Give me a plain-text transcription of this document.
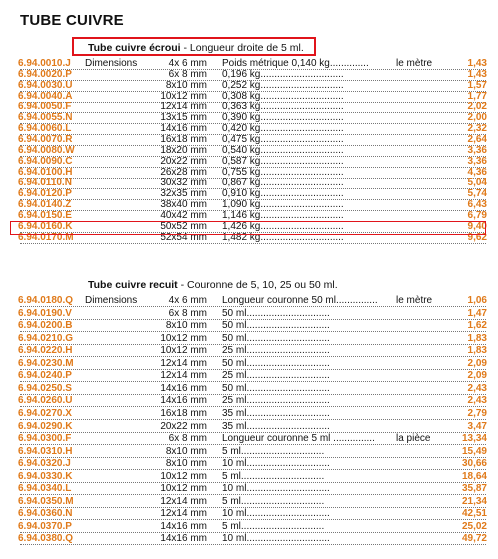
TUBE CUIVRE
Tube cuivre écroui - Longueur droite de 5 ml.
6.94.0010.J Dimensions	4x 6 mm Poids métrique 0,140 kg..............	le mètre	1,43
6.94.0020.P	6x 8 mm 0,196 kg..............................	1,43
6.94.0030.U	8x10 mm 0,252 kg..............................	1,57
6.94.0040.A	10x12 mm 0,308 kg..............................	1,77
6.94.0050.F	12x14 mm 0,363 kg..............................	2,02
6.94.0055.N	13x15 mm 0,390 kg..............................	2,00
6.94.0060.L	14x16 mm 0,420 kg..............................	2,32
6.94.0070.R	16x18 mm 0,475 kg..............................	2,64
6.94.0080.W	18x20 mm 0,540 kg..............................	3,36
6.94.0090.C	20x22 mm 0,587 kg..............................	3,36
6.94.0100.H	26x28 mm 0,755 kg..............................	4,36
6.94.0110.N	30x32 mm 0,867 kg..............................	5,04
6.94.0120.P	32x35 mm 0,910 kg..............................	5,74
6.94.0140.Z	38x40 mm 1,090 kg..............................	6,43
6.94.0150.E	40x42 mm 1,146 kg..............................	6,79
6.94.0160.K	50x52 mm 1,426 kg..............................	9,40
6.94.0170.M	52x54 mm 1,482 kg..............................	9,62
Tube cuivre recuit - Couronne de 5, 10, 25 ou 50 ml.
6.94.0180.Q Dimensions	4x 6 mm Longueur couronne 50 ml............... le mètre	1,06
6.94.0190.V	6x 8 mm 50 ml..............................	1,47
6.94.0200.B	8x10 mm 50 ml..............................	1,62
6.94.0210.G	10x12 mm 50 ml..............................	1,83
6.94.0220.H	10x12 mm 25 ml..............................	1,83
6.94.0230.M	12x14 mm 50 ml..............................	2,09
6.94.0240.P	12x14 mm 25 ml..............................	2,09
6.94.0250.S	14x16 mm 50 ml..............................	2,43
6.94.0260.U	14x16 mm 25 ml..............................	2,43
6.94.0270.X	16x18 mm 35 ml..............................	2,79
6.94.0290.K	20x22 mm 35 ml..............................	3,47
6.94.0300.F	6x 8 mm Longueur couronne 5 ml ............... la pièce	13,34
6.94.0310.H	8x10 mm 5 ml..............................	15,49
6.94.0320.J	8x10 mm 10 ml..............................	30,66
6.94.0330.K	10x12 mm 5 ml..............................	18,64
6.94.0340.L	10x12 mm 10 ml..............................	35,87
6.94.0350.M	12x14 mm 5 ml..............................	21,34
6.94.0360.N	12x14 mm 10 ml..............................	42,51
6.94.0370.P	14x16 mm 5 ml..............................	25,02
6.94.0380.Q	14x16 mm 10 ml..............................	49,72
